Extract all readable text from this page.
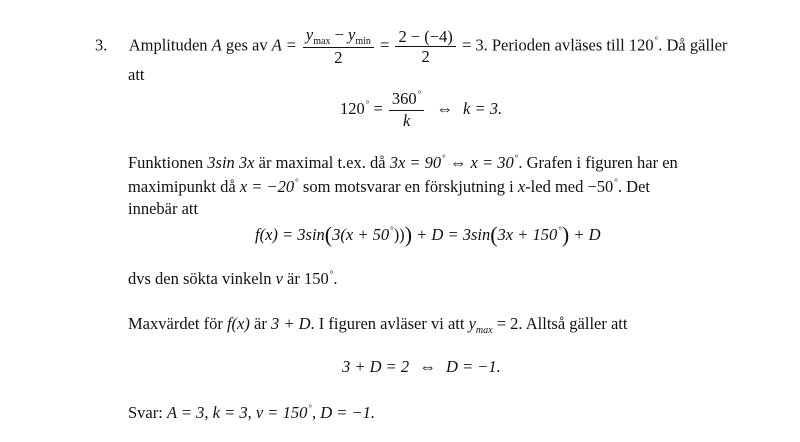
3. Amplituden A ges av $A = \frac{y_{max} - y_{min}}{2} = \frac{2 - (-4)}{2} = 3$. Perioden avläses till 120°. Då gäller
att
$120^\circ = \frac{360^\circ}{k}$ ⇔ k = 3.
Funktionen 3sin 3x är maximal t.ex. då 3x = 90° ⇔ x = 30°. Grafen i figuren har en
maximipunkt då x = −20° som motsvarar en förskjutning i x-led med −50°. Det
innebär att
f(x) = 3sin(3(x + 50°))) + D = 3sin(3x + 150°) + D
dvs den sökta vinkeln v är 150°.
Maxvärdet för f(x) är 3 + D. I figuren avläser vi att $y_{max} = 2$. Alltså gäller att
3 + D = 2 ⇔ D = −1.
Svar: A = 3, k = 3, v = 150°, D = −1.
